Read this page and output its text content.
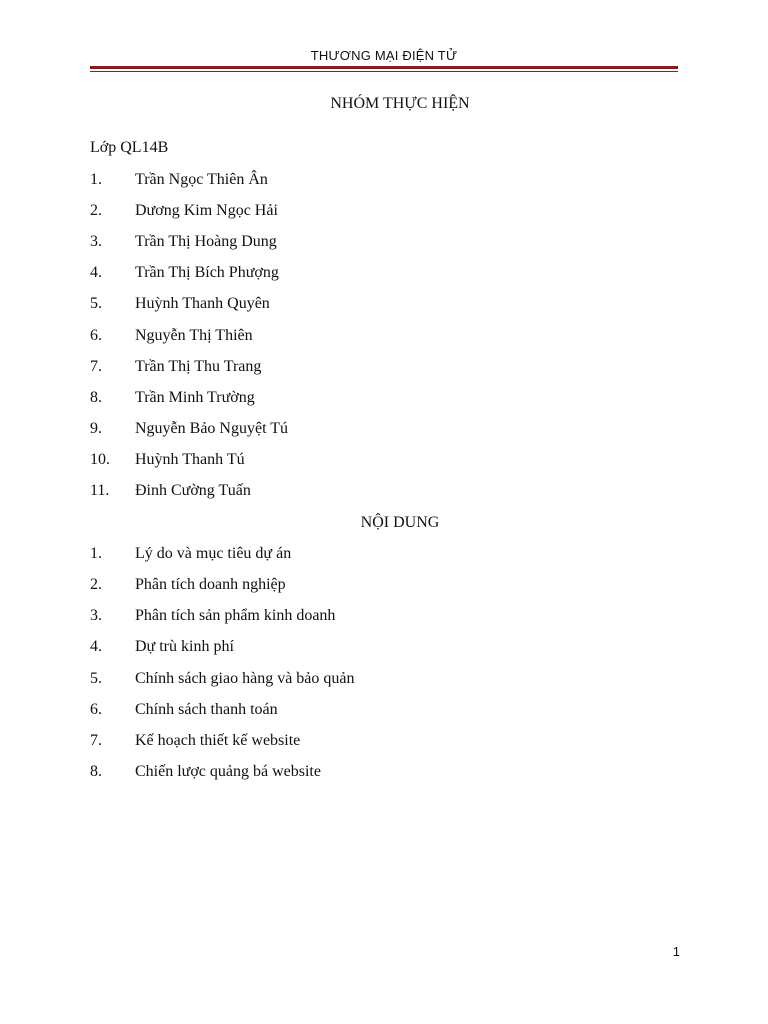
THƯƠNG MẠI ĐIỆN TỬ
NHÓM THỰC HIỆN
Lớp QL14B
1. Trần Ngọc Thiên Ân
2. Dương Kim Ngọc Hải
3. Trần Thị Hoàng Dung
4. Trần Thị Bích Phượng
5. Huỳnh Thanh Quyên
6. Nguyễn Thị Thiên
7. Trần Thị Thu Trang
8. Trần Minh Trường
9. Nguyễn Bảo Nguyệt Tú
10. Huỳnh Thanh Tú
11. Đinh Cường Tuấn
NỘI DUNG
1. Lý do và mục tiêu dự án
2. Phân tích doanh nghiệp
3. Phân tích sản phẩm kinh doanh
4. Dự trù kinh phí
5. Chính sách giao hàng và bảo quản
6. Chính sách thanh toán
7. Kế hoạch thiết kế website
8. Chiến lược quảng bá website
1
